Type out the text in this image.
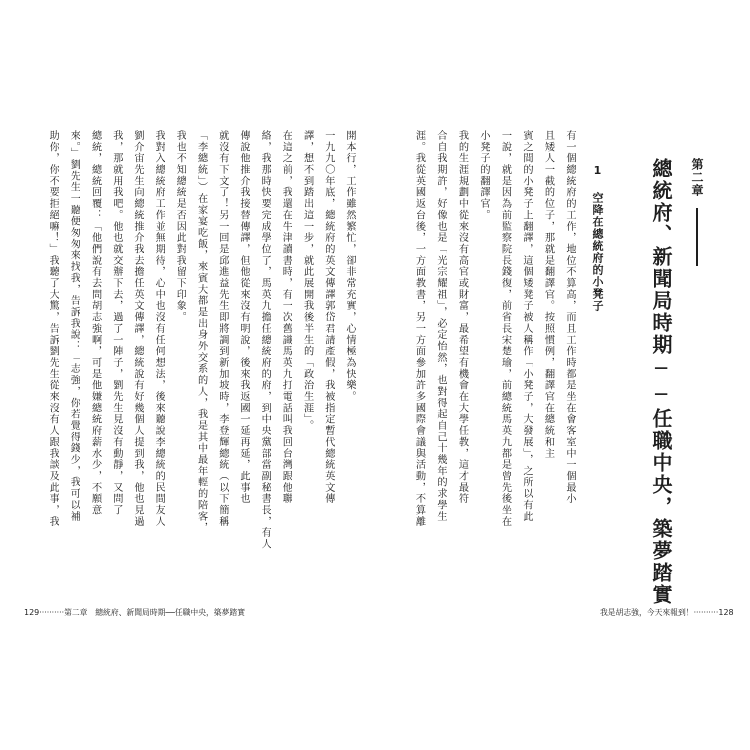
開本行，工作雖然繁忙，卻非常充實，心情極為快樂。
一九九〇年底，總統府的英文傳譯郭岱君請產假，我被指定暫代總統英文傳
譯，想不到踏出這一步，就此展開我後半生的「政治生涯」。
在這之前，我還在牛津讀書時，有一次舊識馬英九打電話叫我回台灣跟他聯
絡，我那時快要完成學位了，馬英九擔任總統府的府，到中央黨部當副秘書長，有人
傳說他推介我接替傳譯，但他從來沒有明說，後來我返國一延再延，此事也
就沒有下文了！另一回是邱進益先生即將調到新加坡時，李登輝總統（以下簡稱
「李總統」）在家宴吃飯，來賓大都是出身外交系的人，我是其中最年輕的陪客，
我也不知總統是否因此對我留下印象。
我對入總統府工作並無期待，心中也沒有任何想法，後來聽說李總統的民間友人
劉介宙先生向總統推介我去擔任英文傳譯，總統說有好幾個人提到我，他也見過
我，那就用我吧。他也就交辦下去，過了一陣子，劉先生見沒有動靜，又問了
總統，總統回覆：「他們說有去問胡志強啊，可是他嫌總統府薪水少，不願意
來。」劉先生一聽便匆匆來找我，告訴我說：「志強，你若覺得錢少，我可以補
助你，你不要拒絕嘛！」我聽了大驚，告訴劉先生從來沒有人跟我談及此事，我	第二章
總統府、新聞局時期──任職中央，築夢踏實
1 空降在總統府的小凳子
有一個總統府的工作，地位不算高，而且工作時都是坐在會客室中一個最小
且矮人一截的位子，那就是翻譯官。按照慣例，翻譯官在總統和主
賓之間的小凳子上翻譯，這個矮凳子被人稱作「小凳子，大發展」，之所以有此
一說，就是因為前監察院長錢復，前省長宋楚瑜，前總統馬英九都是曾先後坐在
小凳子的翻譯官。
我的生涯規劃中從來沒有高官或財富，最希望有機會在大學任教，這才最符
合自我期許，好像也是「光宗耀祖」，必定怡然，也對得起自己十幾年的求學生
涯。我從英國返台後，一方面教書，另一方面參加許多國際會議與活動，不算離
129··········第二章　總統府、新聞局時期──任職中央，築夢踏實	我是胡志強，今天來報到！··········128
